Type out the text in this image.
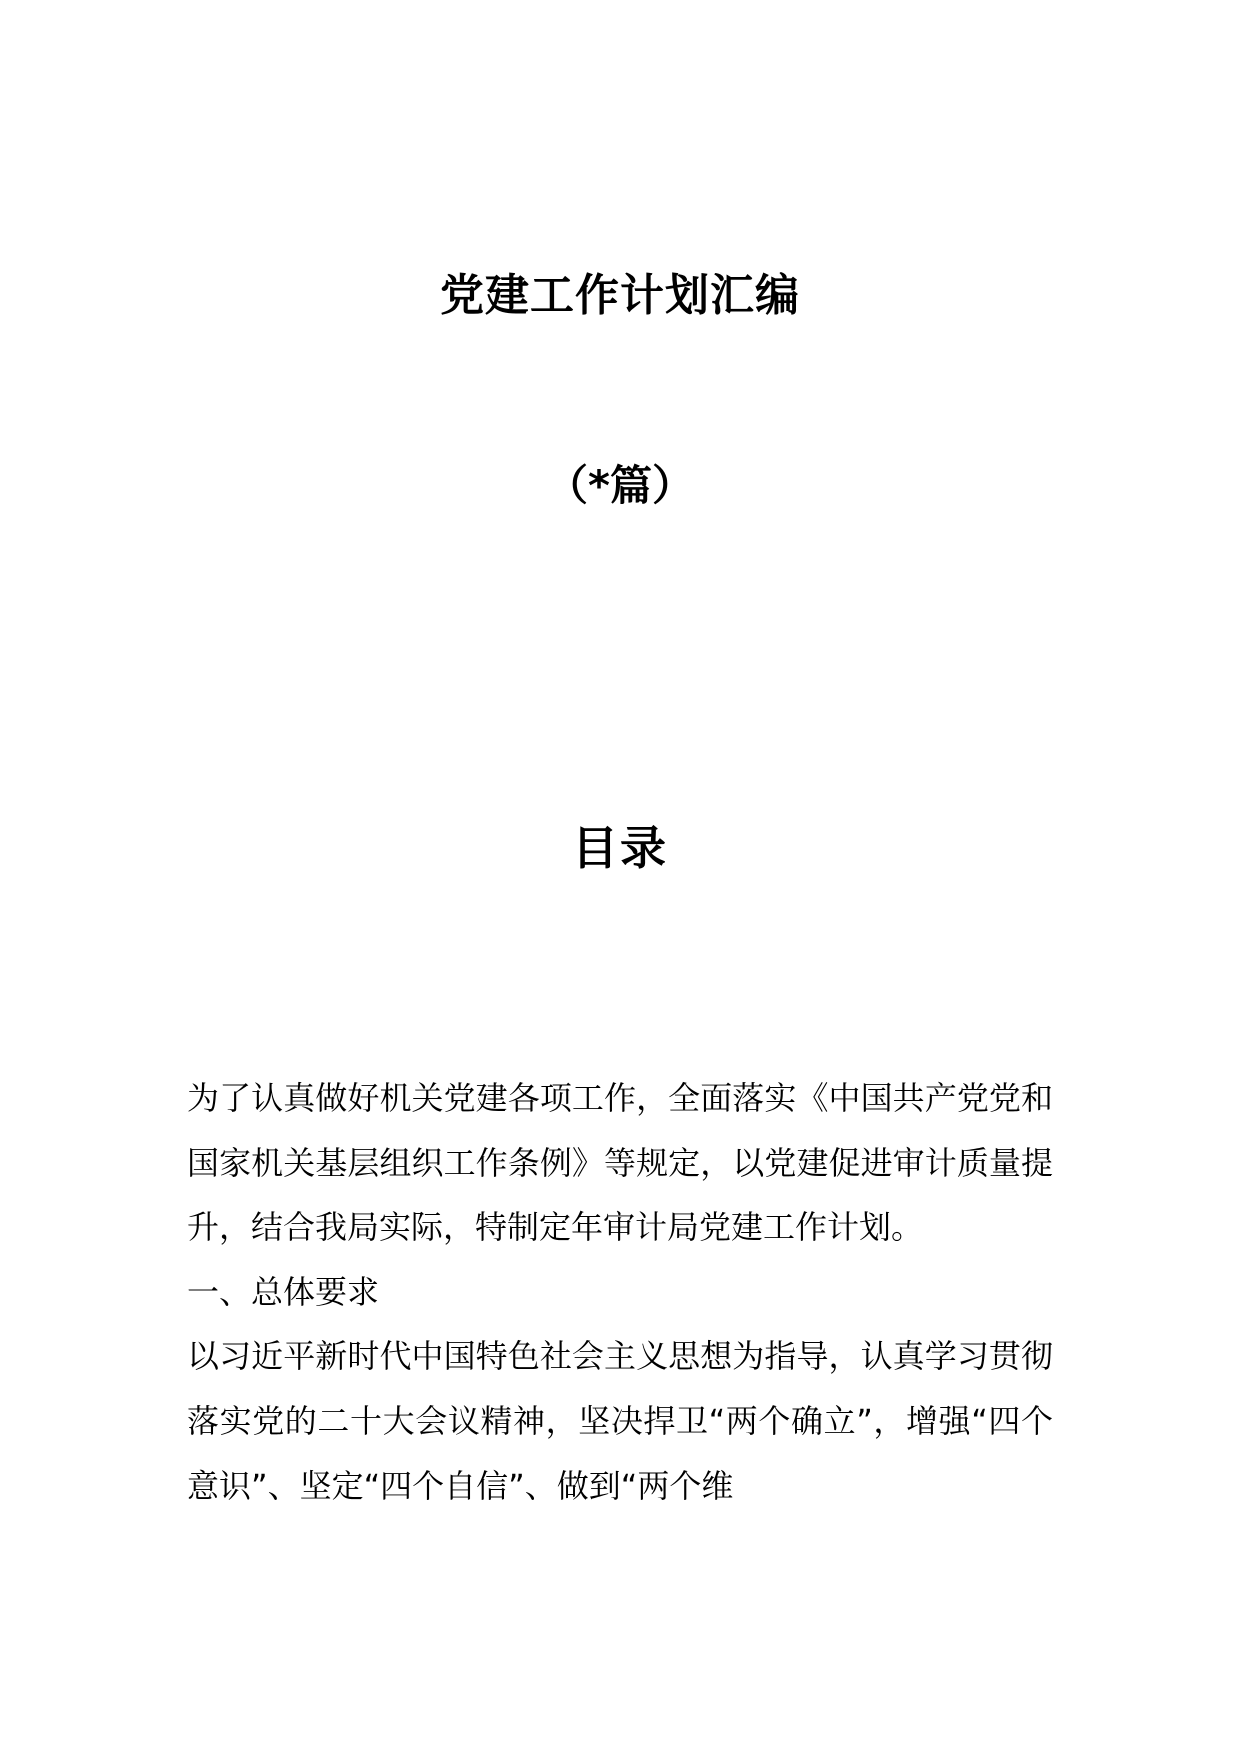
党建工作计划汇编
（*篇）
目录

为了认真做好机关党建各项工作，全面落实《中国共产党党和国家机关基层组织工作条例》等规定，以党建促进审计质量提升，结合我局实际，特制定年审计局党建工作计划。

一、总体要求

以习近平新时代中国特色社会主义思想为指导，认真学习贯彻落实党的二十大会议精神，坚决捍卫“两个确立”，增强“四个意识”、坚定“四个自信”、做到“两个维
